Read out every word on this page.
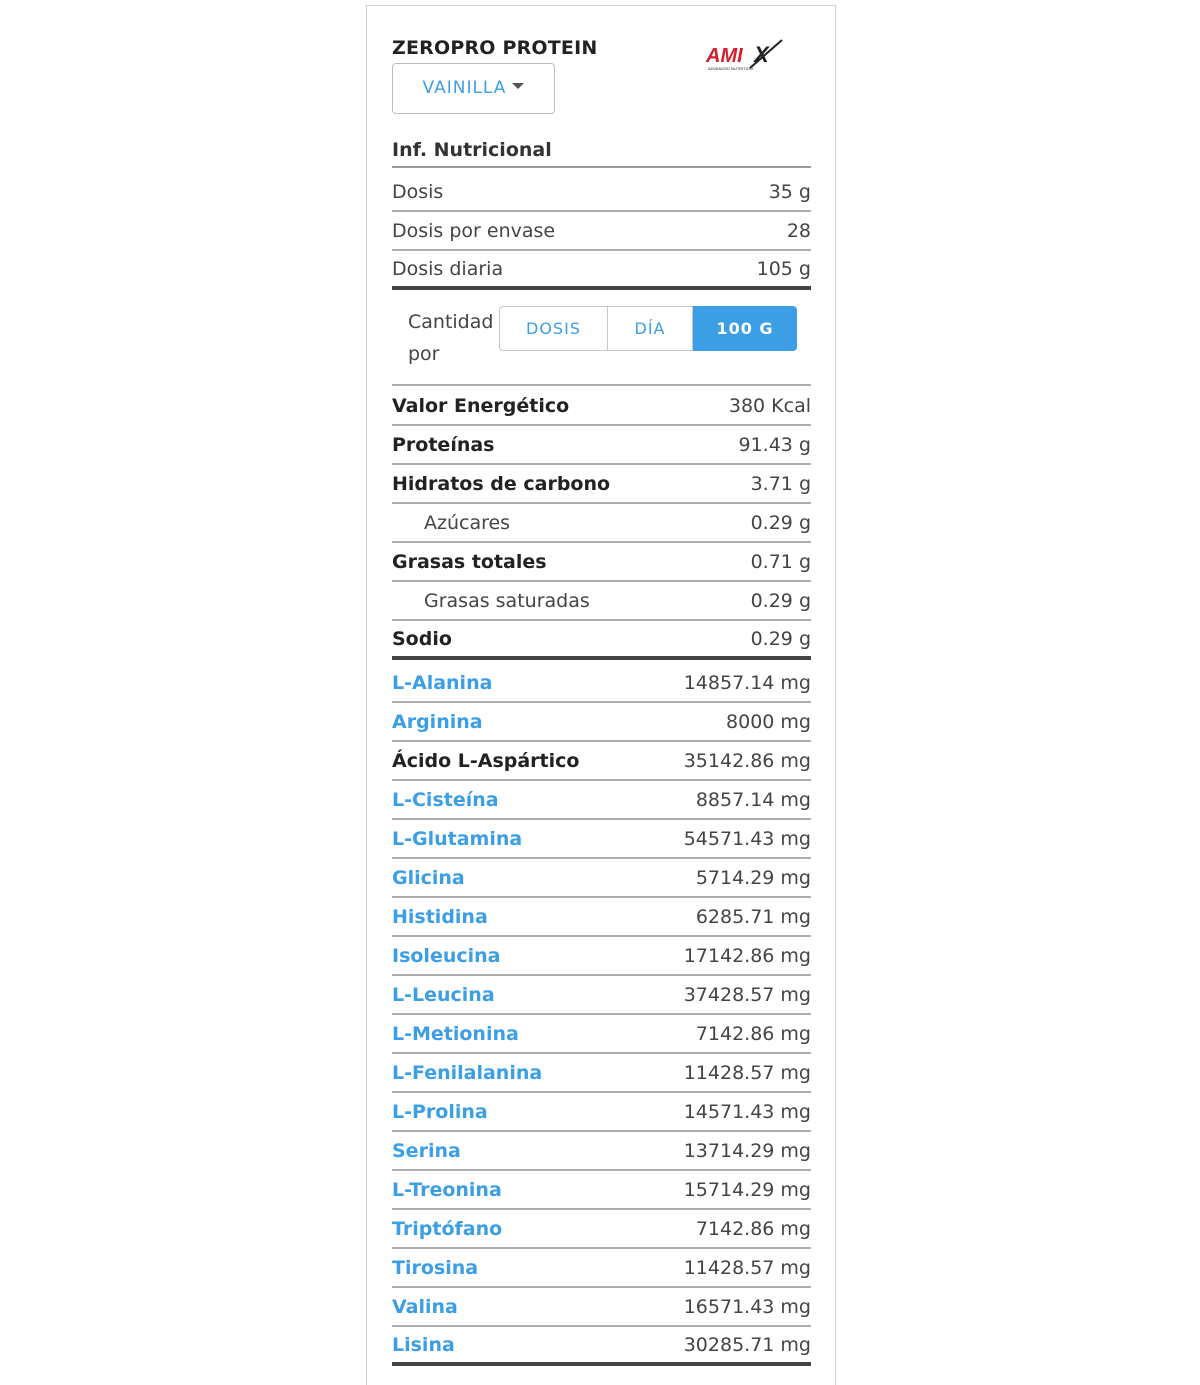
ZEROPRO PROTEIN	AMI X
ADVANCED NUTRITION
VAINILLA
Inf. Nutricional
Dosis	35 g
Dosis por envase	28
Dosis diaria	105 g
Cantidad por
DOSIS	DÍA	100 G
Valor Energético	380 Kcal
Proteínas	91.43 g
Hidratos de carbono	3.71 g
Azúcares	0.29 g
Grasas totales	0.71 g
Grasas saturadas	0.29 g
Sodio	0.29 g
L-Alanina	14857.14 mg
Arginina	8000 mg
Ácido L-Aspártico	35142.86 mg
L-Cisteína	8857.14 mg
L-Glutamina	54571.43 mg
Glicina	5714.29 mg
Histidina	6285.71 mg
Isoleucina	17142.86 mg
L-Leucina	37428.57 mg
L-Metionina	7142.86 mg
L-Fenilalanina	11428.57 mg
L-Prolina	14571.43 mg
Serina	13714.29 mg
L-Treonina	15714.29 mg
Triptófano	7142.86 mg
Tirosina	11428.57 mg
Valina	16571.43 mg
Lisina	30285.71 mg
